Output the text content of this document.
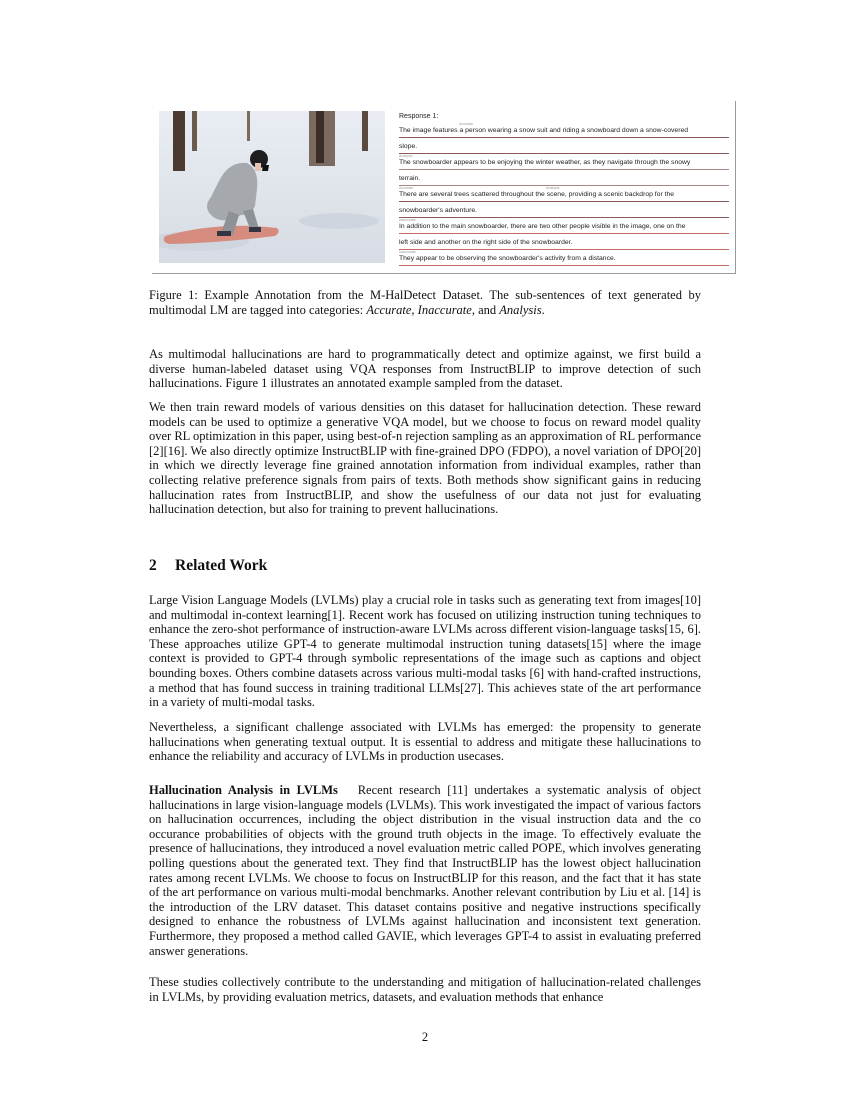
Response 1:
Accurate
The image features a person wearing a snow suit and riding a snowboard down a snow-covered
slope.
Analysis
The snowboarder appears to be enjoying the winter weather, as they navigate through the snowy
terrain.
Accurate	Analysis
There are several trees scattered throughout the scene, providing a scenic backdrop for the
snowboarder's adventure.
Inaccurate
In addition to the main snowboarder, there are two other people visible in the image, one on the
left side and another on the right side of the snowboarder.
Inaccurate
They appear to be observing the snowboarder's activity from a distance.
Figure 1: Example Annotation from the M-HalDetect Dataset. The sub-sentences of text generated by multimodal LM are tagged into categories: Accurate, Inaccurate, and Analysis.
As multimodal hallucinations are hard to programmatically detect and optimize against, we first build a diverse human-labeled dataset using VQA responses from InstructBLIP to improve detection of such hallucinations. Figure 1 illustrates an annotated example sampled from the dataset.
We then train reward models of various densities on this dataset for hallucination detection. These reward models can be used to optimize a generative VQA model, but we choose to focus on reward model quality over RL optimization in this paper, using best-of-n rejection sampling as an approximation of RL performance [2][16]. We also directly optimize InstructBLIP with fine-grained DPO (FDPO), a novel variation of DPO[20] in which we directly leverage fine grained annotation information from individual examples, rather than collecting relative preference signals from pairs of texts. Both methods show significant gains in reducing hallucination rates from InstructBLIP, and show the usefulness of our data not just for evaluating hallucination detection, but also for training to prevent hallucinations.
2 Related Work
Large Vision Language Models (LVLMs) play a crucial role in tasks such as generating text from images[10] and multimodal in-context learning[1]. Recent work has focused on utilizing instruction tuning techniques to enhance the zero-shot performance of instruction-aware LVLMs across different vision-language tasks[15, 6]. These approaches utilize GPT-4 to generate multimodal instruction tuning datasets[15] where the image context is provided to GPT-4 through symbolic representations of the image such as captions and object bounding boxes. Others combine datasets across various multi-modal tasks [6] with hand-crafted instructions, a method that has found success in training traditional LLMs[27]. This achieves state of the art performance in a variety of multi-modal tasks.
Nevertheless, a significant challenge associated with LVLMs has emerged: the propensity to generate hallucinations when generating textual output. It is essential to address and mitigate these hallucinations to enhance the reliability and accuracy of LVLMs in production usecases.
Hallucination Analysis in LVLMs Recent research [11] undertakes a systematic analysis of object hallucinations in large vision-language models (LVLMs). This work investigated the impact of various factors on hallucination occurrences, including the object distribution in the visual instruction data and the co occurance probabilities of objects with the ground truth objects in the image. To effectively evaluate the presence of hallucinations, they introduced a novel evaluation metric called POPE, which involves generating polling questions about the generated text. They find that InstructBLIP has the lowest object hallucination rates among recent LVLMs. We choose to focus on InstructBLIP for this reason, and the fact that it has state of the art performance on various multi-modal benchmarks. Another relevant contribution by Liu et al. [14] is the introduction of the LRV dataset. This dataset contains positive and negative instructions specifically designed to enhance the robustness of LVLMs against hallucination and inconsistent text generation. Furthermore, they proposed a method called GAVIE, which leverages GPT-4 to assist in evaluating preferred answer generations.
These studies collectively contribute to the understanding and mitigation of hallucination-related challenges in LVLMs, by providing evaluation metrics, datasets, and evaluation methods that enhance
2
